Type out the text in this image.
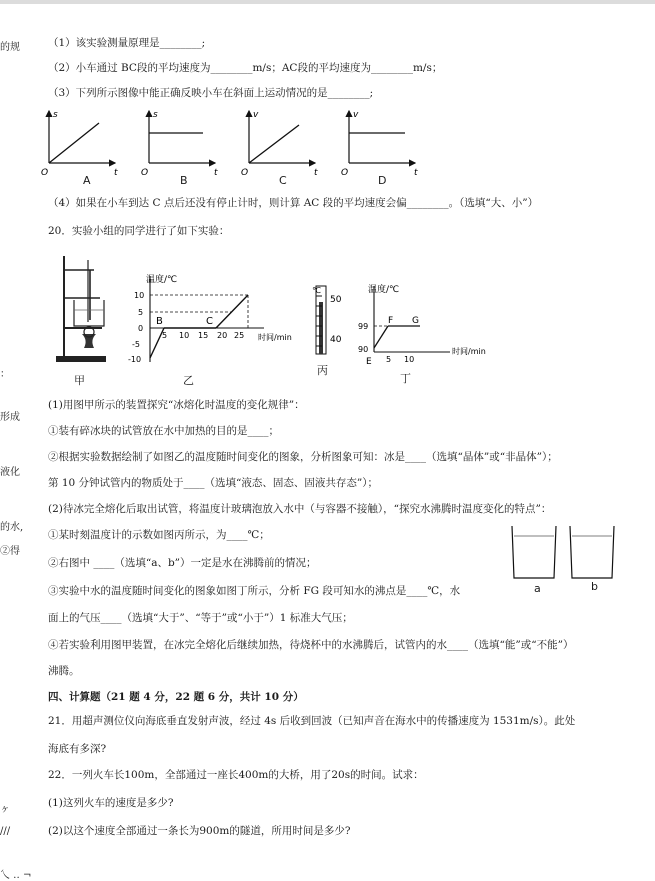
的规
：
形成
液化
的水,
②得
ヶ
///
乀 ‥ ¬
（1）该实验测量原理是________;
（2）小车通过 BC段的平均速度为________m/s；AC段的平均速度为________m/s；
（3）下列所示图像中能正确反映小车在斜面上运动情况的是________;
s
t
O
s
t
O
v
t
O
v
t
O
A	B	C	D
（4）如果在小车到达 C 点后还没有停止计时，则计算 AC 段的平均速度会偏________。（选填“大、小”）
20．实验小组的同学进行了如下实验：
甲
温度/℃
时间/min
10
5
0
-5
-10
5 10 15 20 25
B	C
乙
℃
50
40
丙
温度/℃
时间/min
99
90
5 10
E
F G
丁
(1)用图甲所示的装置探究“冰熔化时温度的变化规律”：
①装有碎冰块的试管放在水中加热的目的是____；
②根据实验数据绘制了如图乙的温度随时间变化的图象，分析图象可知：冰是____（选填“晶体”或“非晶体”）；
第 10 分钟试管内的物质处于____（选填“液态、固态、固液共存态”）；
(2)待冰完全熔化后取出试管，将温度计玻璃泡放入水中（与容器不接触），“探究水沸腾时温度变化的特点”：
①某时刻温度计的示数如图丙所示，为____℃；
②右图中 ____（选填“a、b”）一定是水在沸腾前的情况；
③实验中水的温度随时间变化的图象如图丁所示，分析 FG 段可知水的沸点是____℃，水
面上的气压____（选填“大于”、“等于”或“小于”）1 标准大气压；
④若实验利用图甲装置，在冰完全熔化后继续加热，待烧杯中的水沸腾后，试管内的水____（选填“能”或“不能”）
沸腾。
a	b
四、计算题（21 题 4 分，22 题 6 分，共计 10 分）
21．用超声测位仪向海底垂直发射声波，经过 4s 后收到回波（已知声音在海水中的传播速度为 1531m/s）。此处
海底有多深?
22．一列火车长100m，全部通过一座长400m的大桥，用了20s的时间。试求：
(1)这列火车的速度是多少?
(2)以这个速度全部通过一条长为900m的隧道，所用时间是多少?
